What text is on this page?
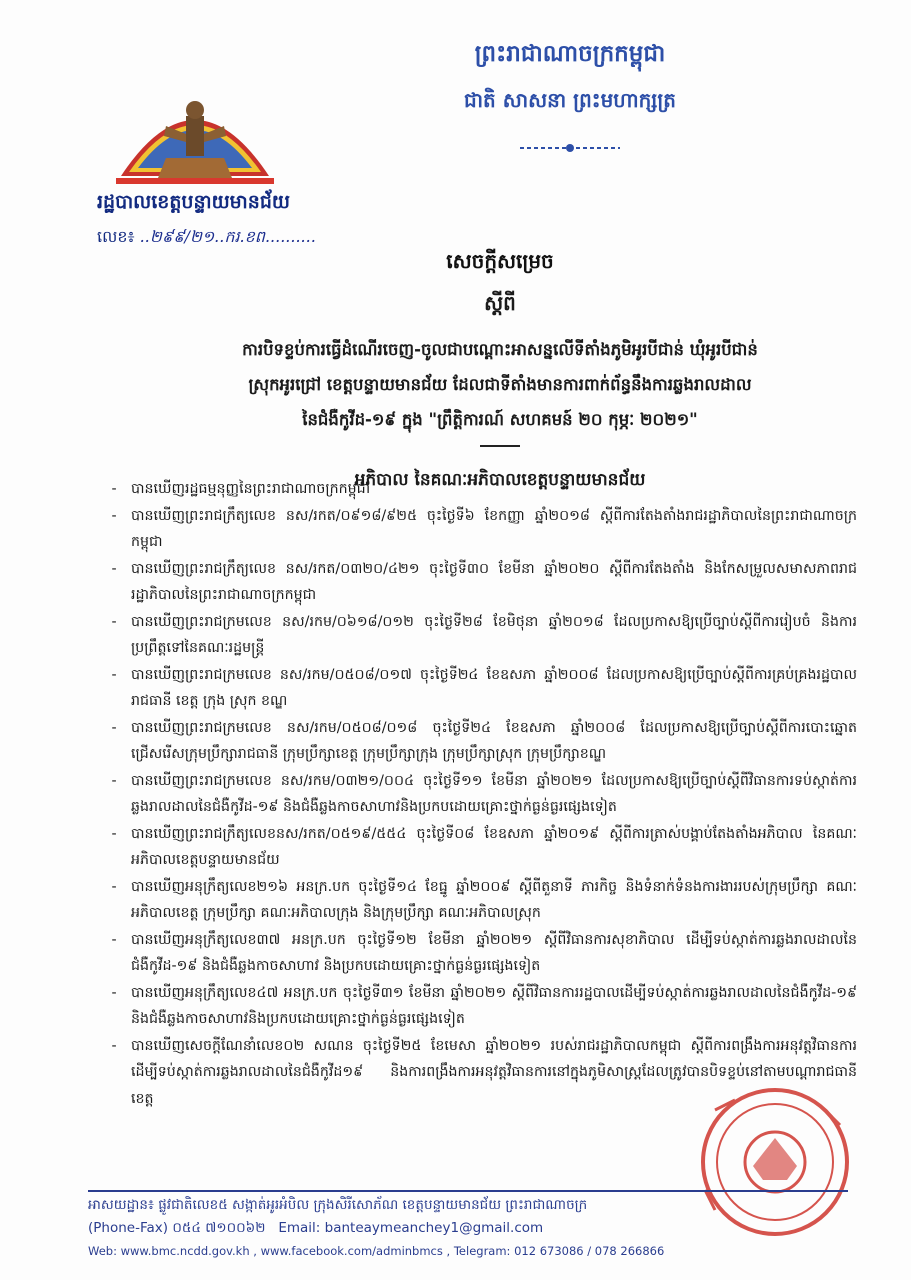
ព្រះរាជាណាចក្រកម្ពុជា
ជាតិ សាសនា ព្រះមហាក្សត្រ
រដ្ឋបាលខេត្តបន្ទាយមានជ័យ
លេខ៖ ..២៩៩/២១..ករ.ខព..........
សេចក្តីសម្រេច
ស្តីពី
ការបិទខ្ទប់ការធ្វើដំណើរចេញ-ចូលជាបណ្តោះអាសន្នលើទីតាំងភូមិអូរបីជាន់ ឃុំអូរបីជាន់
ស្រុកអូរជ្រៅ ខេត្តបន្ទាយមានជ័យ ដែលជាទីតាំងមានការពាក់ព័ន្ធនឹងការឆ្លងរាលដាល
នៃជំងឺកូវីដ-១៩ ក្នុង "ព្រឹត្តិការណ៍ សហគមន៍ ២០ កុម្ភៈ ២០២១"
អភិបាល នៃគណៈអភិបាលខេត្តបន្ទាយមានជ័យ
-	បានឃើញរដ្ឋធម្មនុញ្ញនៃព្រះរាជាណាចក្រកម្ពុជា
-	បានឃើញព្រះរាជក្រឹត្យលេខ នស/រកត/០៩១៨/៩២៥ ចុះថ្ងៃទី៦ ខែកញ្ញា ឆ្នាំ២០១៨ ស្តីពីការតែងតាំងរាជរដ្ឋាភិបាលនៃព្រះរាជាណាចក្រកម្ពុជា
-	បានឃើញព្រះរាជក្រឹត្យលេខ នស/រកត/០៣២០/៤២១ ចុះថ្ងៃទី៣០ ខែមីនា ឆ្នាំ២០២០ ស្តីពីការតែងតាំង និងកែសម្រួលសមាសភាពរាជរដ្ឋាភិបាលនៃព្រះរាជាណាចក្រកម្ពុជា
-	បានឃើញព្រះរាជក្រមលេខ នស/រកម/០៦១៨/០១២ ចុះថ្ងៃទី២៨ ខែមិថុនា ឆ្នាំ២០១៨ ដែលប្រកាសឱ្យប្រើច្បាប់ស្តីពីការរៀបចំ និងការប្រព្រឹត្តទៅនៃគណៈរដ្ឋមន្ត្រី
-	បានឃើញព្រះរាជក្រមលេខ នស/រកម/០៥០៨/០១៧ ចុះថ្ងៃទី២៤ ខែឧសភា ឆ្នាំ២០០៨ ដែលប្រកាសឱ្យប្រើច្បាប់ស្តីពីការគ្រប់គ្រងរដ្ឋបាលរាជធានី ខេត្ត ក្រុង ស្រុក ខណ្ឌ
-	បានឃើញព្រះរាជក្រមលេខ នស/រកម/០៥០៨/០១៨ ចុះថ្ងៃទី២៤ ខែឧសភា ឆ្នាំ២០០៨ ដែលប្រកាសឱ្យប្រើច្បាប់ស្តីពីការបោះឆ្នោតជ្រើសរើសក្រុមប្រឹក្សារាជធានី ក្រុមប្រឹក្សាខេត្ត ក្រុមប្រឹក្សាក្រុង ក្រុមប្រឹក្សាស្រុក ក្រុមប្រឹក្សាខណ្ឌ
-	បានឃើញព្រះរាជក្រមលេខ នស/រកម/០៣២១/០០៤ ចុះថ្ងៃទី១១ ខែមីនា ឆ្នាំ២០២១ ដែលប្រកាសឱ្យប្រើច្បាប់ស្តីពីវិធានការទប់ស្កាត់ការឆ្លងរាលដាលនៃជំងឺកូវីដ-១៩ និងជំងឺឆ្លងកាចសាហាវនិងប្រកបដោយគ្រោះថ្នាក់ធ្ងន់ធ្ងរផ្សេងទៀត
-	បានឃើញព្រះរាជក្រឹត្យលេខនស/រកត/០៥១៩/៥៥៤ ចុះថ្ងៃទី០៨ ខែឧសភា ឆ្នាំ២០១៩ ស្តីពីការត្រាស់បង្គាប់តែងតាំងអភិបាល នៃគណៈអភិបាលខេត្តបន្ទាយមានជ័យ
-	បានឃើញអនុក្រឹត្យលេខ២១៦ អនក្រ.បក ចុះថ្ងៃទី១៤ ខែធ្នូ ឆ្នាំ២០០៩ ស្តីពីតួនាទី ភារកិច្ច និងទំនាក់ទំនងការងាររបស់ក្រុមប្រឹក្សា គណៈអភិបាលខេត្ត ក្រុមប្រឹក្សា គណៈអភិបាលក្រុង និងក្រុមប្រឹក្សា គណៈអភិបាលស្រុក
-	បានឃើញអនុក្រឹត្យលេខ៣៧ អនក្រ.បក ចុះថ្ងៃទី១២ ខែមីនា ឆ្នាំ២០២១ ស្តីពីវិធានការសុខាភិបាល ដើម្បីទប់ស្កាត់ការឆ្លងរាលដាលនៃជំងឺកូវីដ-១៩ និងជំងឺឆ្លងកាចសាហាវ និងប្រកបដោយគ្រោះថ្នាក់ធ្ងន់ធ្ងរផ្សេងទៀត
-	បានឃើញអនុក្រឹត្យលេខ៤៧ អនក្រ.បក ចុះថ្ងៃទី៣១ ខែមីនា ឆ្នាំ២០២១ ស្តីពីវិធានការរដ្ឋបាលដើម្បីទប់ស្កាត់ការឆ្លងរាលដាលនៃជំងឺកូវីដ-១៩ និងជំងឺឆ្លងកាចសាហាវនិងប្រកបដោយគ្រោះថ្នាក់ធ្ងន់ធ្ងរផ្សេងទៀត
-	បានឃើញសេចក្តីណែនាំលេខ០២ សណន ចុះថ្ងៃទី២៥ ខែមេសា ឆ្នាំ២០២១ របស់រាជរដ្ឋាភិបាលកម្ពុជា ស្តីពីការពង្រឹងការអនុវត្តវិធានការដើម្បីទប់ស្កាត់ការឆ្លងរាលដាលនៃជំងឺកូវីដ១៩ និងការពង្រឹងការអនុវត្តវិធានការនៅក្នុងភូមិសាស្ត្រដែលត្រូវបានបិទខ្ទប់នៅតាមបណ្តារាជធានី ខេត្ត
អាសយដ្ឋាន៖ ផ្លូវជាតិលេខ៥ សង្កាត់អូរអំបិល ក្រុងសិរីសោភ័ណ ខេត្តបន្ទាយមានជ័យ ព្រះរាជាណាចក្រ
(Phone-Fax) ០៥៤ ៧១០០៦២ Email: banteaymeanchey1@gmail.com
Web: www.bmc.ncdd.gov.kh , www.facebook.com/adminbmcs , Telegram: 012 673086 / 078 266866
